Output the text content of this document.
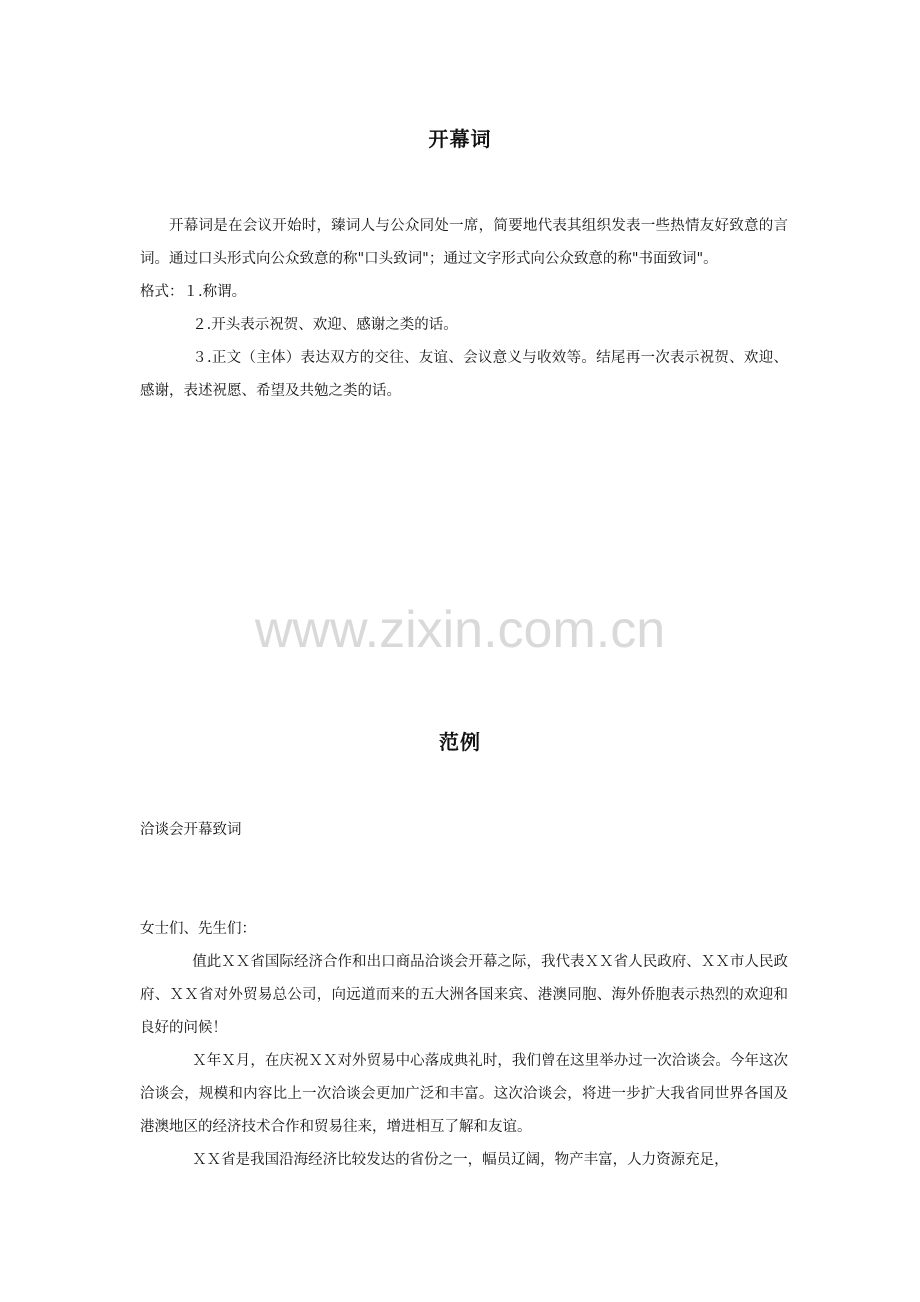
开幕词

开幕词是在会议开始时，臻词人与公众同处一席，简要地代表其组织发表一些热情友好致意的言词。通过口头形式向公众致意的称"口头致词"；通过文字形式向公众致意的称"书面致词"。

格式：１.称谓。

２.开头表示祝贺、欢迎、感谢之类的话。

３.正文（主体）表达双方的交往、友谊、会议意义与收效等。结尾再一次表示祝贺、欢迎、感谢，表述祝愿、希望及共勉之类的话。

www.zixin.com.cn
范例

洽谈会开幕致词

女士们、先生们：

值此ＸＸ省国际经济合作和出口商品洽谈会开幕之际，我代表ＸＸ省人民政府、ＸＸ市人民政府、ＸＸ省对外贸易总公司，向远道而来的五大洲各国来宾、港澳同胞、海外侨胞表示热烈的欢迎和良好的问候！

Ｘ年Ｘ月，在庆祝ＸＸ对外贸易中心落成典礼时，我们曾在这里举办过一次洽谈会。今年这次洽谈会，规模和内容比上一次洽谈会更加广泛和丰富。这次洽谈会，将进一步扩大我省同世界各国及港澳地区的经济技术合作和贸易往来，增进相互了解和友谊。

ＸＸ省是我国沿海经济比较发达的省份之一，幅员辽阔，物产丰富，人力资源充足，
